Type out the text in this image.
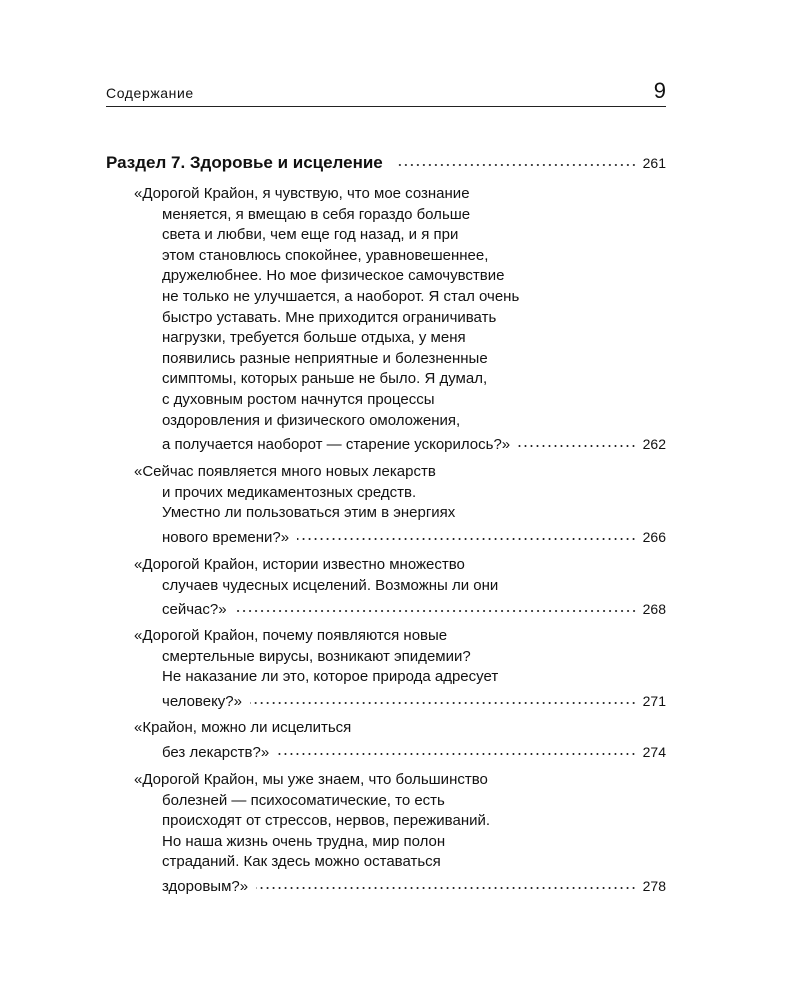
Содержание	9
Раздел 7. Здоровье и исцеление	261
«Дорогой Крайон, я чувствую, что мое сознание
меняется, я вмещаю в себя гораздо больше
света и любви, чем еще год назад, и я при
этом становлюсь спокойнее, уравновешеннее,
дружелюбнее. Но мое физическое самочувствие
не только не улучшается, а наоборот. Я стал очень
быстро уставать. Мне приходится ограничивать
нагрузки, требуется больше отдыха, у меня
появились разные неприятные и болезненные
симптомы, которых раньше не было. Я думал,
с духовным ростом начнутся процессы
оздоровления и физического омоложения,
а получается наоборот — старение ускорилось?»	262
«Сейчас появляется много новых лекарств
и прочих медикаментозных средств.
Уместно ли пользоваться этим в энергиях
нового времени?»	266
«Дорогой Крайон, истории известно множество
случаев чудесных исцелений. Возможны ли они
сейчас?»	268
«Дорогой Крайон, почему появляются новые
смертельные вирусы, возникают эпидемии?
Не наказание ли это, которое природа адресует
человеку?»	271
«Крайон, можно ли исцелиться
без лекарств?»	274
«Дорогой Крайон, мы уже знаем, что большинство
болезней — психосоматические, то есть
происходят от стрессов, нервов, переживаний.
Но наша жизнь очень трудна, мир полон
страданий. Как здесь можно оставаться
здоровым?»	278
